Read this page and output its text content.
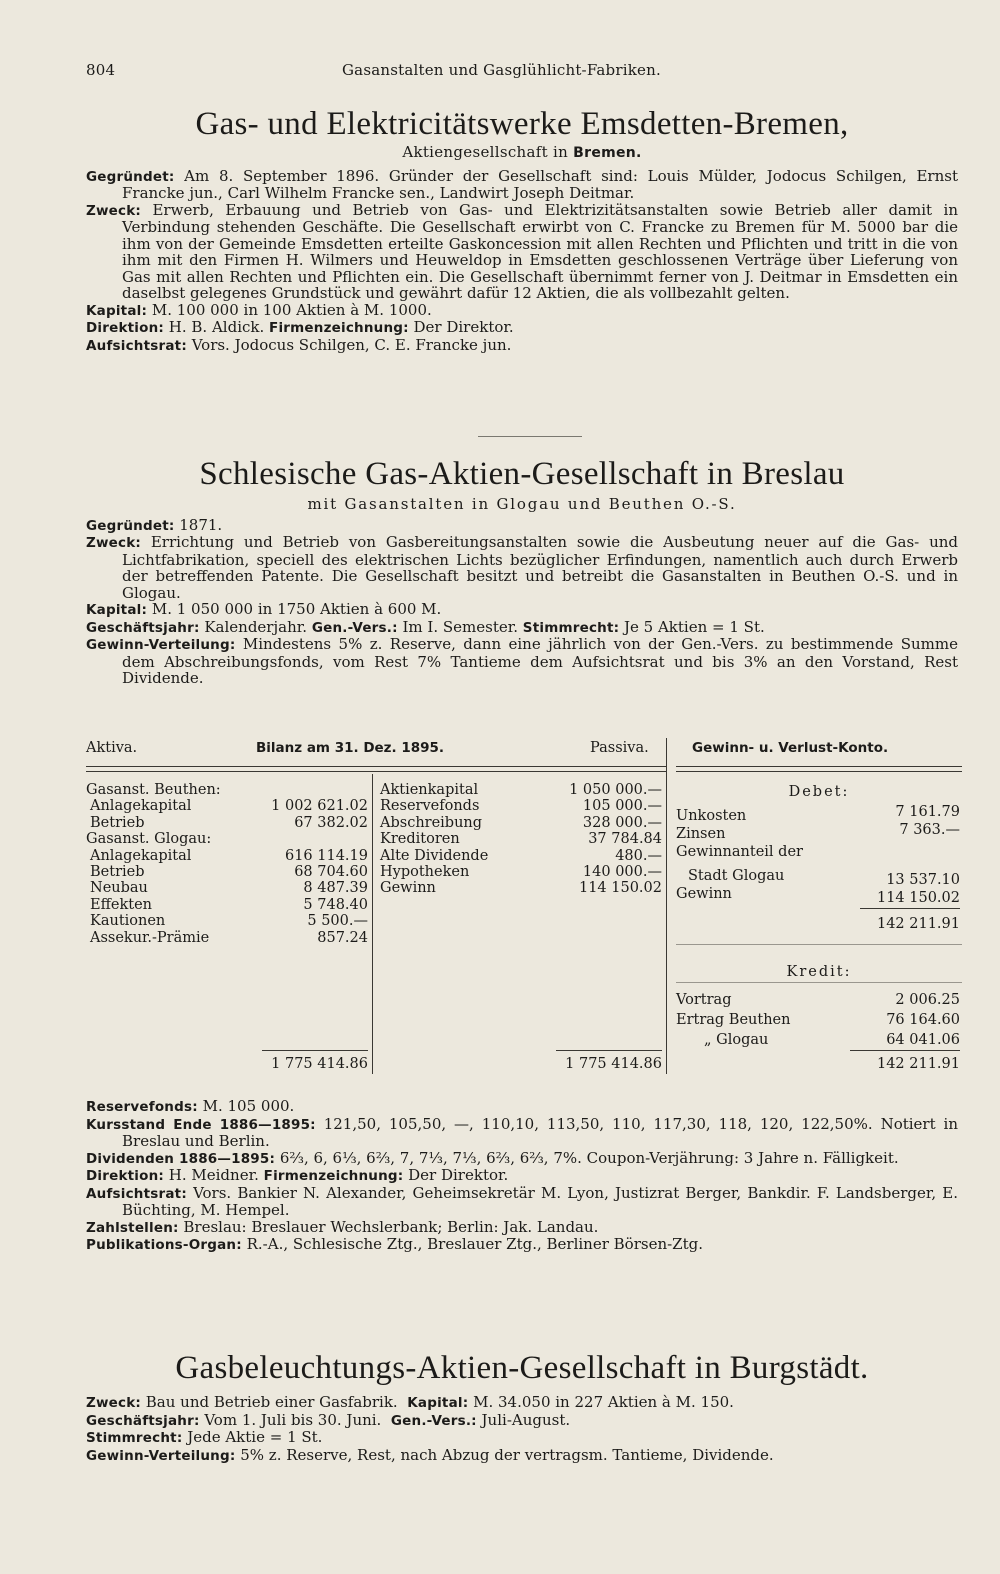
804	Gasanstalten und Gasglühlicht-Fabriken.
Gas- und Elektricitätswerke Emsdetten-Bremen,
Aktiengesellschaft in Bremen.

Gegründet: Am 8. September 1896. Gründer der Gesellschaft sind: Louis Mülder, Jodocus Schilgen, Ernst Francke jun., Carl Wilhelm Francke sen., Landwirt Joseph Deitmar.

Zweck: Erwerb, Erbauung und Betrieb von Gas- und Elektrizitätsanstalten sowie Betrieb aller damit in Verbindung stehenden Geschäfte. Die Gesellschaft erwirbt von C. Francke zu Bremen für M. 5000 bar die ihm von der Gemeinde Emsdetten erteilte Gaskoncession mit allen Rechten und Pflichten und tritt in die von ihm mit den Firmen H. Wilmers und Heuweldop in Emsdetten geschlossenen Verträge über Lieferung von Gas mit allen Rechten und Pflichten ein. Die Gesellschaft übernimmt ferner von J. Deitmar in Emsdetten ein daselbst gelegenes Grundstück und gewährt dafür 12 Aktien, die als vollbezahlt gelten.

Kapital: M. 100 000 in 100 Aktien à M. 1000.

Direktion: H. B. Aldick. Firmenzeichnung: Der Direktor.

Aufsichtsrat: Vors. Jodocus Schilgen, C. E. Francke jun.

Schlesische Gas-Aktien-Gesellschaft in Breslau
mit Gasanstalten in Glogau und Beuthen O.-S.

Gegründet: 1871.

Zweck: Errichtung und Betrieb von Gasbereitungsanstalten sowie die Ausbeutung neuer auf die Gas- und Lichtfabrikation, speciell des elektrischen Lichts bezüglicher Erfindungen, namentlich auch durch Erwerb der betreffenden Patente. Die Gesellschaft besitzt und betreibt die Gasanstalten in Beuthen O.-S. und in Glogau.

Kapital: M. 1 050 000 in 1750 Aktien à 600 M.

Geschäftsjahr: Kalenderjahr. Gen.-Vers.: Im I. Semester. Stimmrecht: Je 5 Aktien = 1 St.

Gewinn-Verteilung: Mindestens 5% z. Reserve, dann eine jährlich von der Gen.-Vers. zu bestimmende Summe dem Abschreibungsfonds, vom Rest 7% Tantieme dem Aufsichtsrat und bis 3% an den Vorstand, Rest Dividende.

Aktiva.	Bilanz am 31. Dez. 1895.	Passiva.	Gewinn- u. Verlust-Konto.
Gasanst. Beuthen:
Anlagekapital	1 002 621.02
Betrieb	67 382.02
Gasanst. Glogau:
Anlagekapital	616 114.19
Betrieb	68 704.60
Neubau	8 487.39
Effekten	5 748.40
Kautionen	5 500.—
Assekur.-Prämie	857.24
1 775 414.86
Aktienkapital	1 050 000.—
Reservefonds	105 000.—
Abschreibung	328 000.—
Kreditoren	37 784.84
Alte Dividende	480.—
Hypotheken	140 000.—
Gewinn	114 150.02
1 775 414.86
Debet:
Unkosten	7 161.79
Zinsen	7 363.—
Gewinnanteil der
Stadt Glogau	13 537.10
Gewinn	114 150.02
142 211.91
Kredit:
Vortrag	2 006.25
Ertrag Beuthen	76 164.60
„ Glogau	64 041.06
142 211.91

Reservefonds: M. 105 000.

Kursstand Ende 1886—1895: 121,50, 105,50, —, 110,10, 113,50, 110, 117,30, 118, 120, 122,50%. Notiert in Breslau und Berlin.

Dividenden 1886—1895: 6⅔, 6, 6⅓, 6⅔, 7, 7⅓, 7⅓, 6⅔, 6⅔, 7%. Coupon-Verjährung: 3 Jahre n. Fälligkeit.

Direktion: H. Meidner. Firmenzeichnung: Der Direktor.

Aufsichtsrat: Vors. Bankier N. Alexander, Geheimsekretär M. Lyon, Justizrat Berger, Bankdir. F. Landsberger, E. Büchting, M. Hempel.

Zahlstellen: Breslau: Breslauer Wechslerbank; Berlin: Jak. Landau.

Publikations-Organ: R.-A., Schlesische Ztg., Breslauer Ztg., Berliner Börsen-Ztg.

Gasbeleuchtungs-Aktien-Gesellschaft in Burgstädt.

Zweck: Bau und Betrieb einer Gasfabrik. Kapital: M. 34.050 in 227 Aktien à M. 150.

Geschäftsjahr: Vom 1. Juli bis 30. Juni. Gen.-Vers.: Juli-August.

Stimmrecht: Jede Aktie = 1 St.

Gewinn-Verteilung: 5% z. Reserve, Rest, nach Abzug der vertragsm. Tantieme, Dividende.
